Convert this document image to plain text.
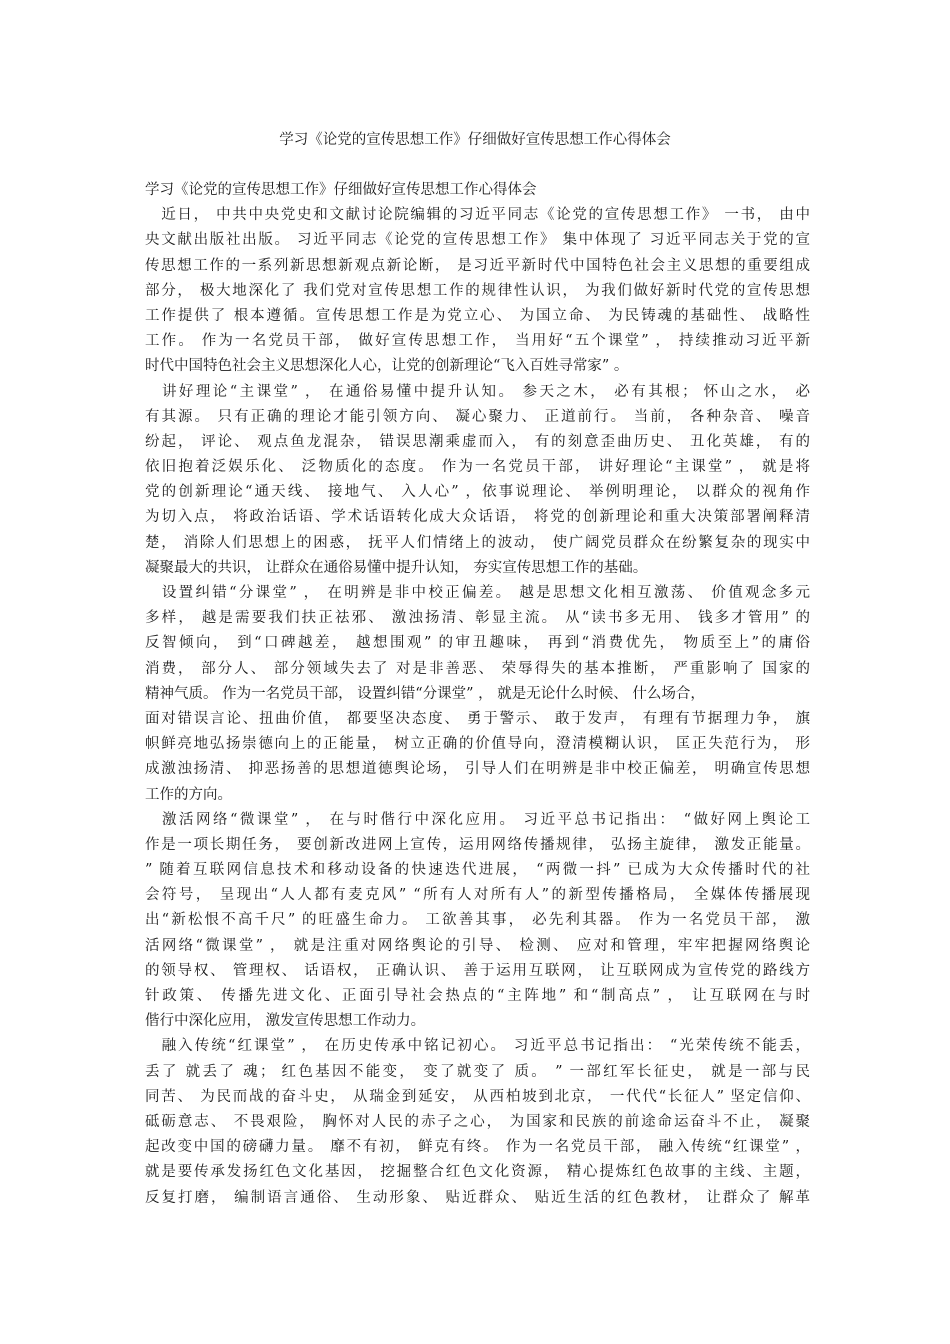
学习《论党的宣传思想工作》仔细做好宣传思想工作心得体会
学习《论党的宣传思想工作》仔细做好宣传思想工作心得体会
　近日， 中共中央党史和文献讨论院编辑的习近平同志《论党的宣传思想工作》 一书， 由中
央文献出版社出版。 习近平同志《论党的宣传思想工作》 集中体现了 习近平同志关于党的宣
传思想工作的一系列新思想新观点新论断， 是习近平新时代中国特色社会主义思想的重要组成
部分， 极大地深化了 我们党对宣传思想工作的规律性认识， 为我们做好新时代党的宣传思想
工作提供了 根本遵循。宣传思想工作是为党立心、 为国立命、 为民铸魂的基础性、 战略性
工作。 作为一名党员干部， 做好宣传思想工作， 当用好“五个课堂” ， 持续推动习近平新
时代中国特色社会主义思想深化人心，让党的创新理论“飞入百姓寻常家” 。
　讲好理论“主课堂” ， 在通俗易懂中提升认知。 参天之木， 必有其根； 怀山之水， 必
有其源。 只有正确的理论才能引领方向、 凝心聚力、 正道前行。 当前， 各种杂音、 噪音
纷起， 评论、 观点鱼龙混杂， 错误思潮乘虚而入， 有的刻意歪曲历史、 丑化英雄， 有的
依旧抱着泛娱乐化、 泛物质化的态度。 作为一名党员干部， 讲好理论“主课堂” ， 就是将
党的创新理论“通天线、 接地气、 入人心” ，依事说理论、 举例明理论， 以群众的视角作
为切入点， 将政治话语、学术话语转化成大众话语， 将党的创新理论和重大决策部署阐释清
楚， 消除人们思想上的困惑， 抚平人们情绪上的波动， 使广阔党员群众在纷繁复杂的现实中
凝聚最大的共识， 让群众在通俗易懂中提升认知， 夯实宣传思想工作的基础。
　设置纠错“分课堂” ， 在明辨是非中校正偏差。 越是思想文化相互激荡、 价值观念多元
多样， 越是需要我们扶正祛邪、 激浊扬清、彰显主流。 从“读书多无用、 钱多才管用” 的
反智倾向， 到“口碑越差， 越想围观” 的审丑趣味， 再到“消费优先， 物质至上”的庸俗
消费， 部分人、 部分领域失去了 对是非善恶、 荣辱得失的基本推断， 严重影响了 国家的
精神气质。 作为一名党员干部， 设置纠错“分课堂” ， 就是无论什么时候、 什么场合，
面对错误言论、扭曲价值， 都要坚决态度、 勇于警示、 敢于发声， 有理有节据理力争， 旗
帜鲜亮地弘扬崇德向上的正能量， 树立正确的价值导向，澄清模糊认识， 匡正失范行为， 形
成激浊扬清、 抑恶扬善的思想道德舆论场， 引导人们在明辨是非中校正偏差， 明确宣传思想
工作的方向。
　激活网络“微课堂” ， 在与时偕行中深化应用。 习近平总书记指出： “做好网上舆论工
作是一项长期任务， 要创新改进网上宣传，运用网络传播规律， 弘扬主旋律， 激发正能量。
” 随着互联网信息技术和移动设备的快速迭代进展， “两微一抖” 已成为大众传播时代的社
会符号， 呈现出“人人都有麦克风” “所有人对所有人”的新型传播格局， 全媒体传播展现
出“新松恨不高千尺” 的旺盛生命力。 工欲善其事， 必先利其器。 作为一名党员干部， 激
活网络“微课堂” ， 就是注重对网络舆论的引导、 检测、 应对和管理，牢牢把握网络舆论
的领导权、 管理权、 话语权， 正确认识、 善于运用互联网， 让互联网成为宣传党的路线方
针政策、 传播先进文化、正面引导社会热点的“主阵地” 和“制高点” ， 让互联网在与时
偕行中深化应用， 激发宣传思想工作动力。
　融入传统“红课堂” ， 在历史传承中铭记初心。 习近平总书记指出： “光荣传统不能丢，
丢了 就丢了 魂； 红色基因不能变， 变了就变了 质。 ” 一部红军长征史， 就是一部与民
同苦、 为民而战的奋斗史， 从瑞金到延安， 从西柏坡到北京， 一代代“长征人” 坚定信仰、
砥砺意志、 不畏艰险， 胸怀对人民的赤子之心， 为国家和民族的前途命运奋斗不止， 凝聚
起改变中国的磅礴力量。 靡不有初， 鲜克有终。 作为一名党员干部， 融入传统“红课堂” ，
就是要传承发扬红色文化基因， 挖掘整合红色文化资源， 精心提炼红色故事的主线、主题，
反复打磨， 编制语言通俗、 生动形象、 贴近群众、 贴近生活的红色教材， 让群众了 解革
